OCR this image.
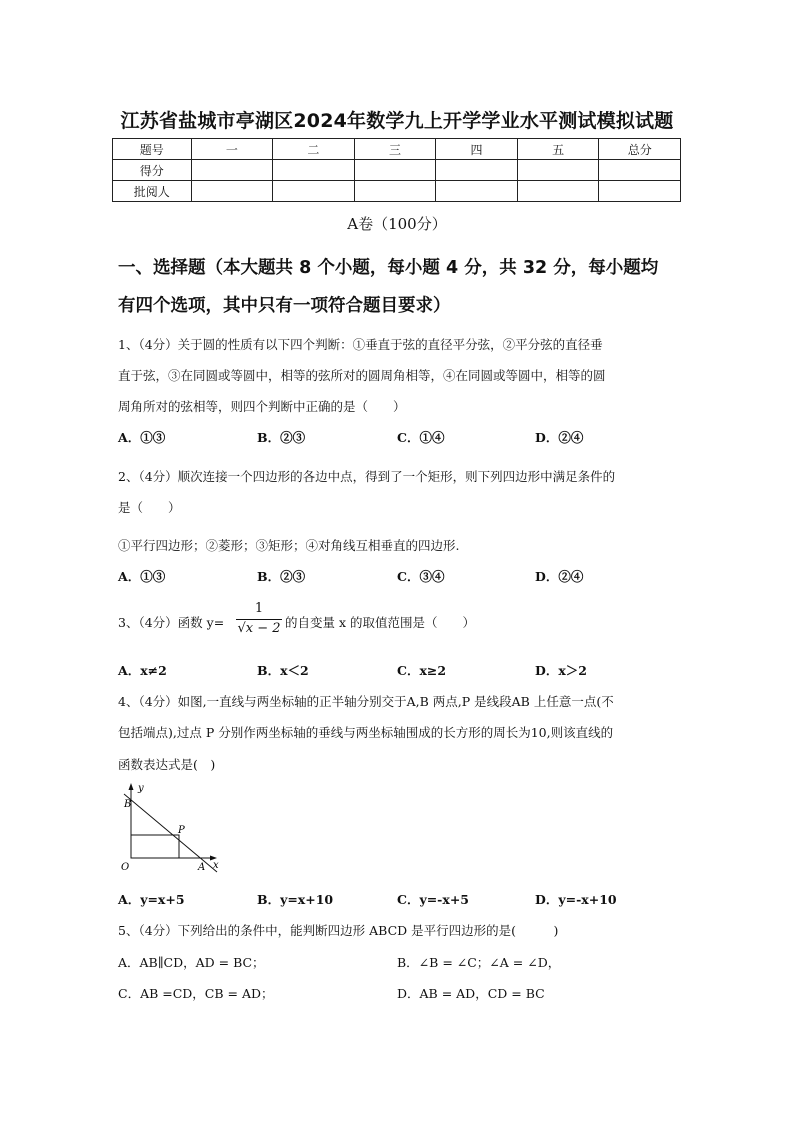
江苏省盐城市亭湖区2024年数学九上开学学业水平测试模拟试题
题号	一	二	三	四	五	总分
得分						
批阅人						
A卷（100分）
一、选择题（本大题共 8 个小题，每小题 4 分，共 32 分，每小题均
有四个选项，其中只有一项符合题目要求）
1、（4分）关于圆的性质有以下四个判断：①垂直于弦的直径平分弦，②平分弦的直径垂
直于弦，③在同圆或等圆中，相等的弦所对的圆周角相等，④在同圆或等圆中，相等的圆
周角所对的弦相等，则四个判断中正确的是（　　）
A．①③	B．②③	C．①④	D．②④
2、（4分）顺次连接一个四边形的各边中点，得到了一个矩形，则下列四边形中满足条件的
是（　　）
①平行四边形；②菱形；③矩形；④对角线互相垂直的四边形.
A．①③	B．②③	C．③④	D．②④
3、（4分）函数 y=
1
√x − 2 的自变量 x 的取值范围是（　　）
A．x≠2	B．x＜2	C．x≥2	D．x＞2
4、（4分）如图,一直线与两坐标轴的正半轴分别交于A,B 两点,P 是线段AB 上任意一点(不
包括端点),过点 P 分别作两坐标轴的垂线与两坐标轴围成的长方形的周长为10,则该直线的
函数表达式是(　)
y
B
P
O	A x
A．y=x+5	B．y=x+10	C．y=-x+5	D．y=-x+10
5、（4分）下列给出的条件中，能判断四边形 ABCD 是平行四边形的是(　　　)
A．AB∥CD，AD = BC；	B．∠B = ∠C；∠A = ∠D，
C．AB =CD，CB = AD；	D．AB = AD，CD = BC
